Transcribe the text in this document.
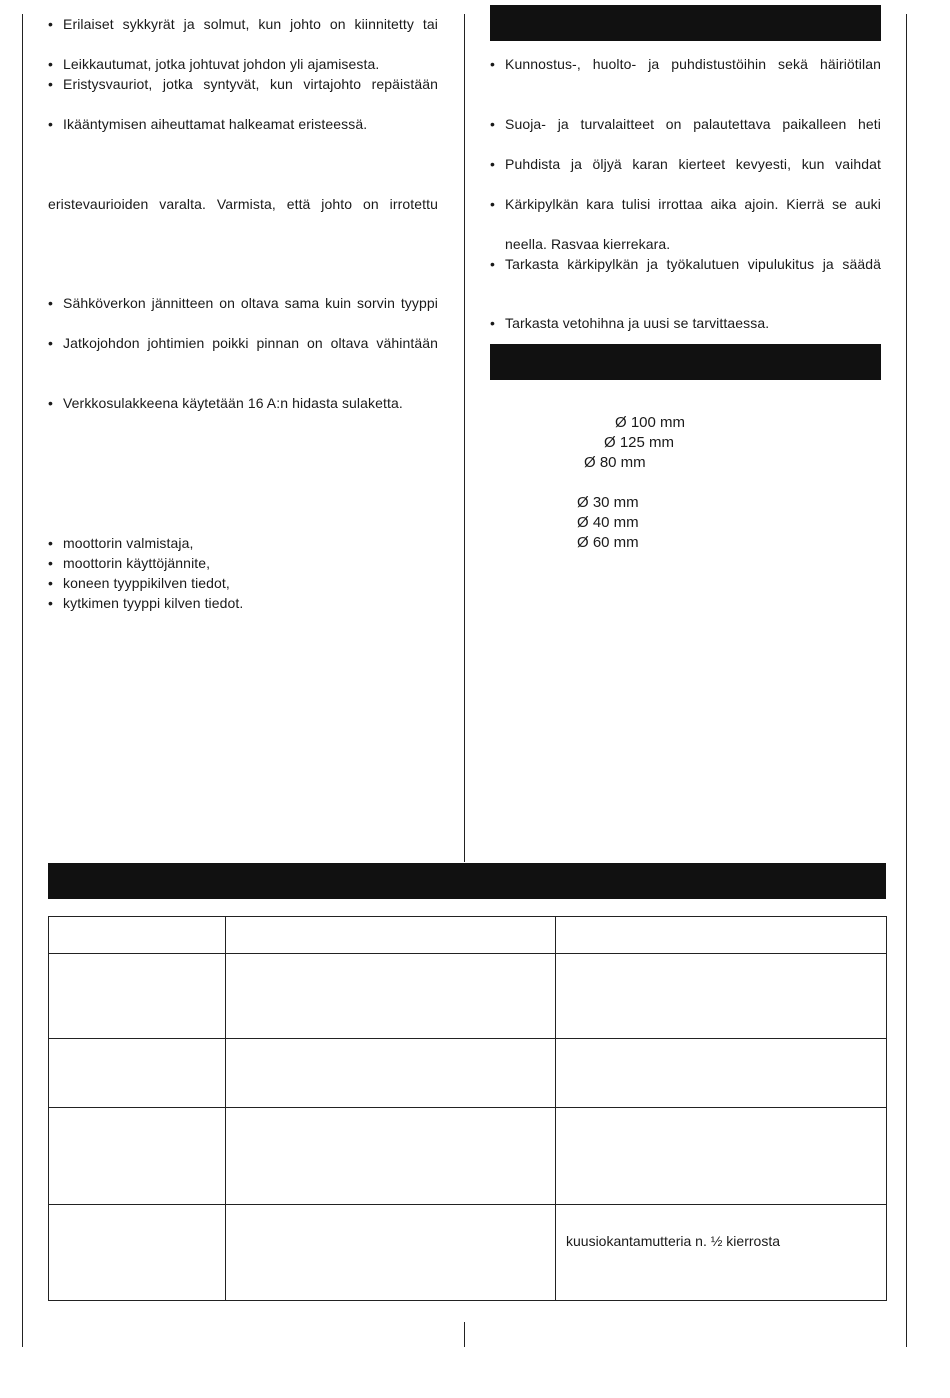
• Erilaiset sykkyrät ja solmut, kun johto on kiinnitetty tai
• Leikkautumat, jotka johtuvat johdon yli ajamisesta.
• Eristysvauriot, jotka syntyvät, kun virtajohto repäistään
• Ikääntymisen aiheuttamat halkeamat eristeessä.
eristevaurioiden varalta. Varmista, että johto on irrotettu
• Sähköverkon jännitteen on oltava sama kuin sorvin tyyppi
• Jatkojohdon johtimien poikki pinnan on oltava vähintään
• Verkkosulakkeena käytetään 16 A:n hidasta sulaketta.
• moottorin valmistaja,
• moottorin käyttöjännite,
• koneen tyyppikilven tiedot,
• kytkimen tyyppi kilven tiedot.
• Kunnostus-, huolto- ja puhdistustöihin sekä häiriötilan
• Suoja- ja turvalaitteet on palautettava paikalleen heti
• Puhdista ja öljyä karan kierteet kevyesti, kun vaihdat
• Kärkipylkän kara tulisi irrottaa aika ajoin. Kierrä se auki
neella. Rasvaa kierrekara.
• Tarkasta kärkipylkän ja työkalutuen vipulukitus ja säädä
• Tarkasta vetohihna ja uusi se tarvittaessa.
Ø 100 mm
Ø 125 mm
Ø 80 mm
Ø 30 mm
Ø 40 mm
Ø 60 mm

		kuusiokantamutteria n. ½ kierrosta
